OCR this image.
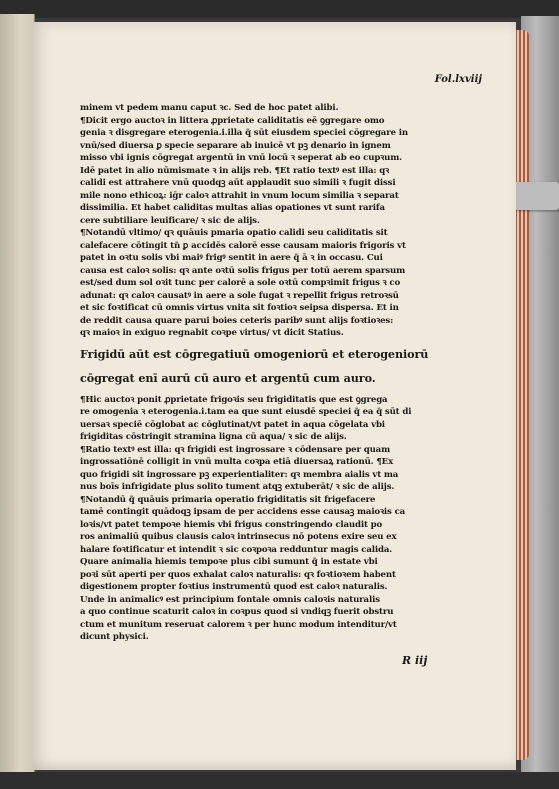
Fol.lxviij
minem vt pedem manu caput ꝛc. Sed de hoc patet alibi.
¶Dicit ergo auctoꝛ in littera ꝓprietate caliditatis eē ꝯgregare omo
genia ꝛ disgregare eterogenia.i.illa q̄ sūt eiusdem speciei cōgregare in
vnū/sed diuersa ꝑ specie separare ab inuicē vt pꝫ denario in ignem
misso vbi ignis cōgregat argentū in vnū locū ꝛ seperat ab eo cupꝛum.
Idē patet in alio nūmismate ꝛ in alijs reb. ¶Et ratio textꝰ est illa: qꝛ
calidi est attrahere vnū quodqꝫ aūt applaudit suo simili ꝛ fugit dissi
mile nono ethicoꝝ: iḡr caloꝛ attrahit in vnum locum similia ꝛ separat
dissimilia. Et habet caliditas multas alias opationes vt sunt rarifa
cere subtiliare leuificare/ ꝛ sic de alijs.
¶Notandū vltimo/ qꝛ quāuis pmaria opatio calidi seu caliditatis sit
calefacere cōtingit tn̄ ꝑ accidēs calorē esse causam maioris frigoris vt
patet in oꝛtu solis vbi maiꝰ frigꝰ sentit in aere q̄ ā ꝛ in occasu. Cui
causa est caloꝛ solis: qꝛ ante oꝛtū solis frigus per totū aerem sparsum
est/sed dum sol oꝛit tunc per calorē a sole oꝛtū compꝛimit frigus ꝛ co
adunat: qꝛ caloꝛ causatꝰ in aere a sole fugat ꝛ repellit frigus retroꝛsū
et sic foꝛtificat cū omnis virtus vnita sit foꝛtioꝛ seipsa dispersa. Et in
de reddit causa quare parui boies ceteris paribꝰ sunt alijs foꝛtioꝛes:
qꝛ maioꝛ in exiguo regnabit coꝛpe virtus/ vt dicit Statius.
Frigidū aūt est cōgregatiuū omogeniorū et eterogeniorū
cōgregat enī aurū cū auro et argentū cum auro.
¶Hic auctoꝛ ponit ꝓprietate frigoꝛis seu frigiditatis que est ꝯgrega
re omogenia ꝛ eterogenia.i.tam ea que sunt eiusdē speciei q̄ ea q̄ sūt di
uersaꝛ speciē cōglobat ac cōglutinat/vt patet in aqua cōgelata vbi
frigiditas cōstringit stramina ligna cū aqua/ ꝛ sic de alijs.
¶Ratio textꝰ est illa: qꝛ frigidi est ingrossare ꝛ cōdensare per quam
ingrossatiōnē colligit in vnū multa coꝛpa etiā diuersaꝝ rationū. ¶Ex
quo frigidi sit ingrossare pꝫ experientialiter: qꝛ membra aialis vt ma
nus boīs infrigidate plus solito tument atqꝫ extuberāt/ ꝛ sic de alijs.
¶Notandū q̄ quāuis primaria operatio frigiditatis sit frigefacere
tamē contingit quādoqꝫ ipsam de per accidens esse causaꝫ maioꝛis ca
loꝛis/vt patet tempoꝛe hiemis vbi frigus constringendo claudit po
ros animaliū quibus clausis caloꝛ intrinsecus nō potens exire seu ex
halare foꝛtificatur et intendit ꝛ sic coꝛpoꝛa redduntur magis calida.
Quare animalia hiemis tempoꝛe plus cibi sumunt q̄ in estate vbi
poꝛi sūt aperti per quos exhalat caloꝛ naturalis: qꝛ foꝛtioꝛem habent
digestionem propter foꝛtius instrumentū quod est caloꝛ naturalis.
Unde in animalicꝰ est principium fontale omnis caloꝛis naturalis
a quo continue scaturit caloꝛ in coꝛpus quod si vndiqꝫ fuerit obstru
ctum et munitum reseruat calorem ꝛ per hunc modum intenditur/vt
dicunt physici.
R iij
